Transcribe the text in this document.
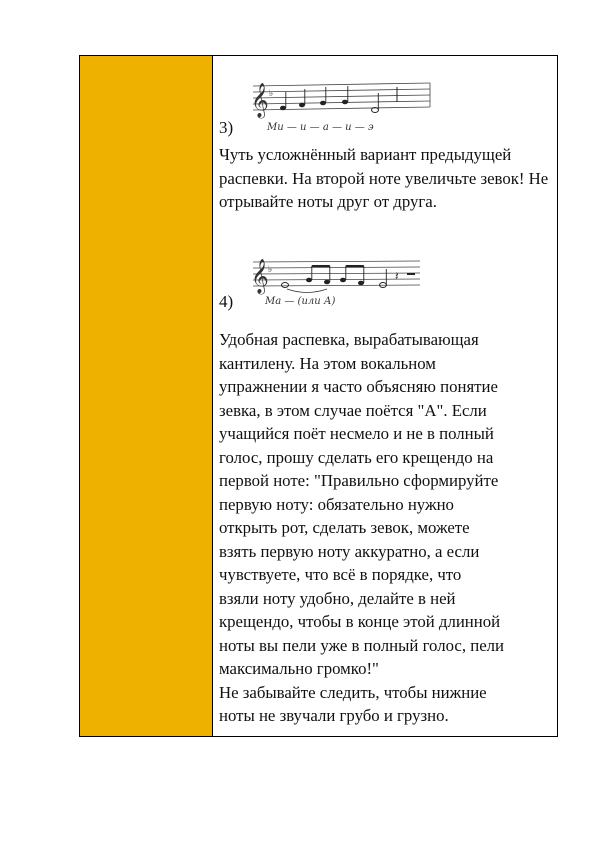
3)
𝄞 ♭
Ми — и — а — и — э
Чуть усложнённый вариант предыдущей распевки. На второй ноте увеличьте зевок! Не отрывайте ноты друг от друга.
4)
𝄞 ♭	𝄽
Ма — (или А)
Удобная распевка, вырабатывающая
кантилену. На этом вокальном
упражнении я часто объясняю понятие
зевка, в этом случае поётся "А". Если
учащийся поёт несмело и не в полный
голос, прошу сделать его крещендо на
первой ноте: "Правильно сформируйте
первую ноту: обязательно нужно
открыть рот, сделать зевок, можете
взять первую ноту аккуратно, а если
чувствуете, что всё в порядке, что
взяли ноту удобно, делайте в ней
крещендо, чтобы в конце этой длинной
ноты вы пели уже в полный голос, пели
максимально громко!"
Не забывайте следить, чтобы нижние
ноты не звучали грубо и грузно.
